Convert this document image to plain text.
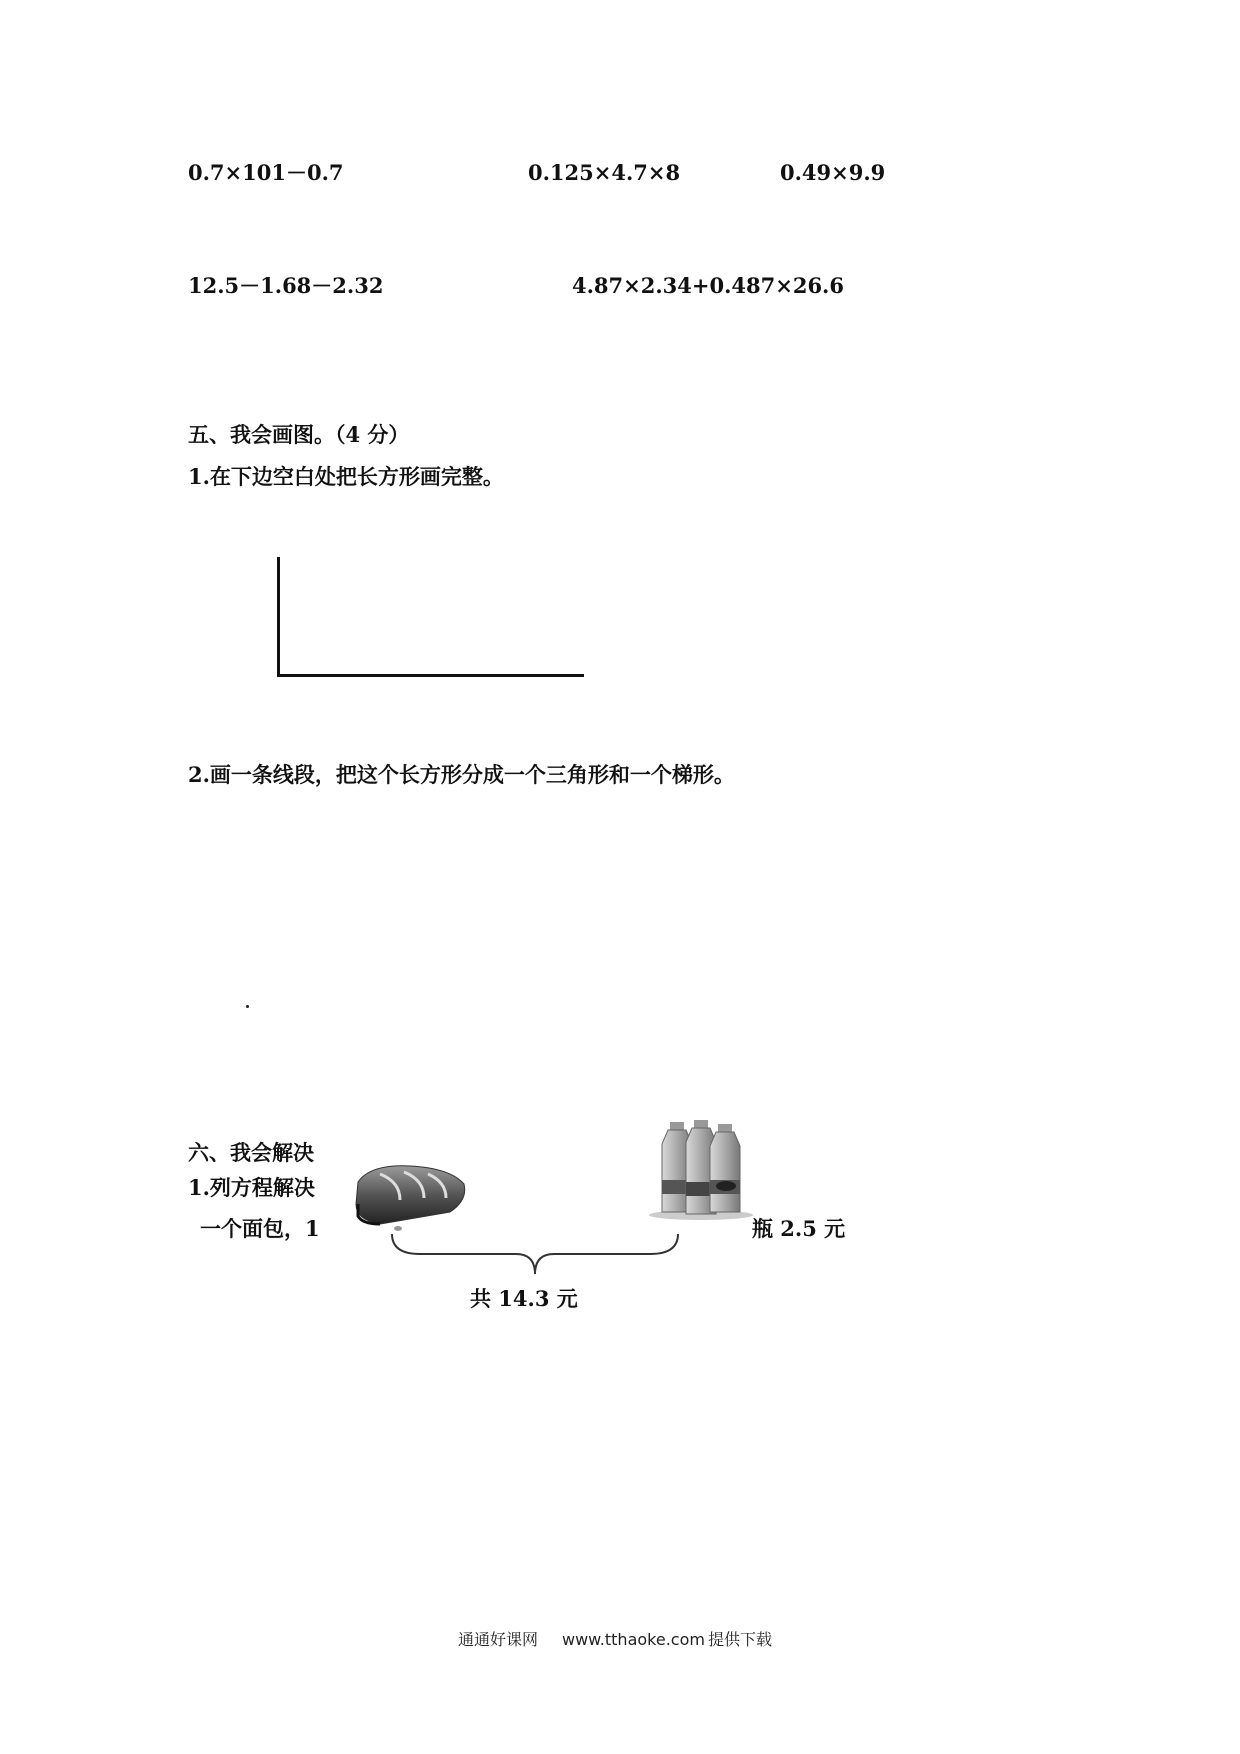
0.7×101－0.7	0.125×4.7×8	0.49×9.9
12.5－1.68－2.32	4.87×2.34+0.487×26.6
五、我会画图。（4 分）
1.在下边空白处把长方形画完整。
2.画一条线段，把这个长方形分成一个三角形和一个梯形。
六、我会解决
1.列方程解决
一个面包，1	瓶 2.5 元
共 14.3 元
通通好课网 www.tthaoke.com 提供下载
